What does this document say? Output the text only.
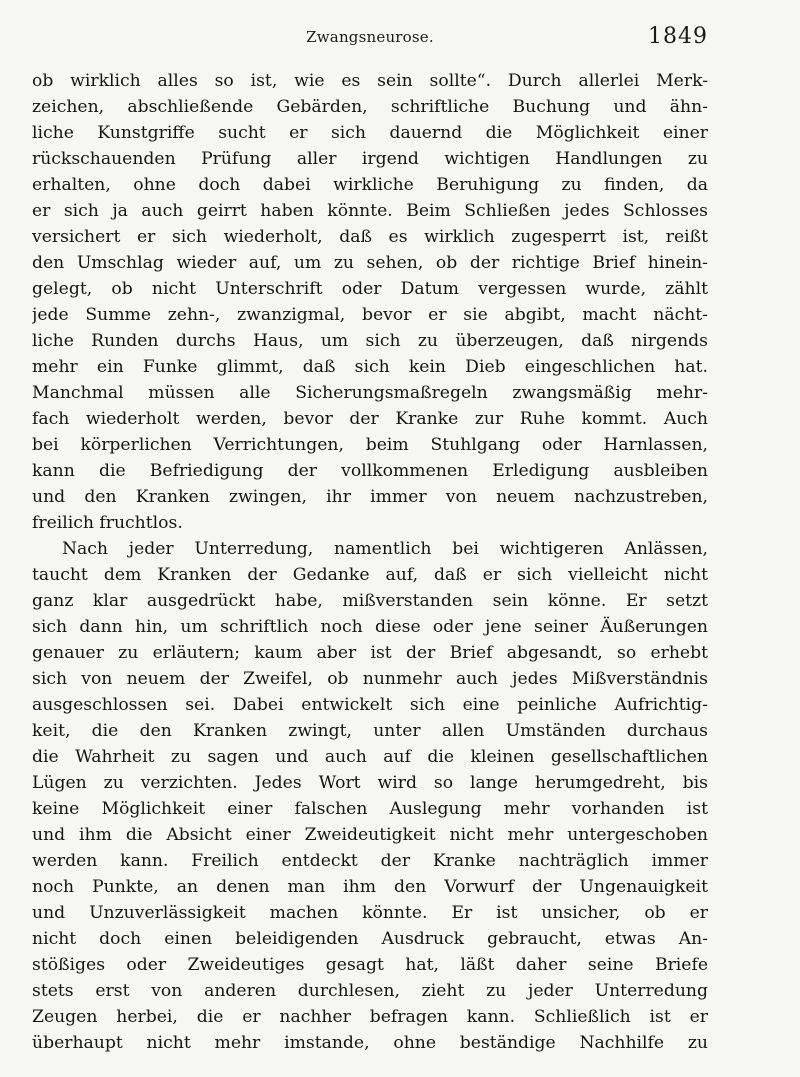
Zwangsneurose.	1849
ob wirklich alles so ist, wie es sein sollte“. Durch allerlei Merk-
zeichen, abschließende Gebärden, schriftliche Buchung und ähn-
liche Kunstgriffe sucht er sich dauernd die Möglichkeit einer
rückschauenden Prüfung aller irgend wichtigen Handlungen zu
erhalten, ohne doch dabei wirkliche Beruhigung zu finden, da
er sich ja auch geirrt haben könnte. Beim Schließen jedes Schlosses
versichert er sich wiederholt, daß es wirklich zugesperrt ist, reißt
den Umschlag wieder auf, um zu sehen, ob der richtige Brief hinein-
gelegt, ob nicht Unterschrift oder Datum vergessen wurde, zählt
jede Summe zehn-, zwanzigmal, bevor er sie abgibt, macht nächt-
liche Runden durchs Haus, um sich zu überzeugen, daß nirgends
mehr ein Funke glimmt, daß sich kein Dieb eingeschlichen hat.
Manchmal müssen alle Sicherungsmaßregeln zwangsmäßig mehr-
fach wiederholt werden, bevor der Kranke zur Ruhe kommt. Auch
bei körperlichen Verrichtungen, beim Stuhlgang oder Harnlassen,
kann die Befriedigung der vollkommenen Erledigung ausbleiben
und den Kranken zwingen, ihr immer von neuem nachzustreben,
freilich fruchtlos.
Nach jeder Unterredung, namentlich bei wichtigeren Anlässen,
taucht dem Kranken der Gedanke auf, daß er sich vielleicht nicht
ganz klar ausgedrückt habe, mißverstanden sein könne. Er setzt
sich dann hin, um schriftlich noch diese oder jene seiner Äußerungen
genauer zu erläutern; kaum aber ist der Brief abgesandt, so erhebt
sich von neuem der Zweifel, ob nunmehr auch jedes Mißverständnis
ausgeschlossen sei. Dabei entwickelt sich eine peinliche Aufrichtig-
keit, die den Kranken zwingt, unter allen Umständen durchaus
die Wahrheit zu sagen und auch auf die kleinen gesellschaftlichen
Lügen zu verzichten. Jedes Wort wird so lange herumgedreht, bis
keine Möglichkeit einer falschen Auslegung mehr vorhanden ist
und ihm die Absicht einer Zweideutigkeit nicht mehr untergeschoben
werden kann. Freilich entdeckt der Kranke nachträglich immer
noch Punkte, an denen man ihm den Vorwurf der Ungenauigkeit
und Unzuverlässigkeit machen könnte. Er ist unsicher, ob er
nicht doch einen beleidigenden Ausdruck gebraucht, etwas An-
stößiges oder Zweideutiges gesagt hat, läßt daher seine Briefe
stets erst von anderen durchlesen, zieht zu jeder Unterredung
Zeugen herbei, die er nachher befragen kann. Schließlich ist er
überhaupt nicht mehr imstande, ohne beständige Nachhilfe zu
